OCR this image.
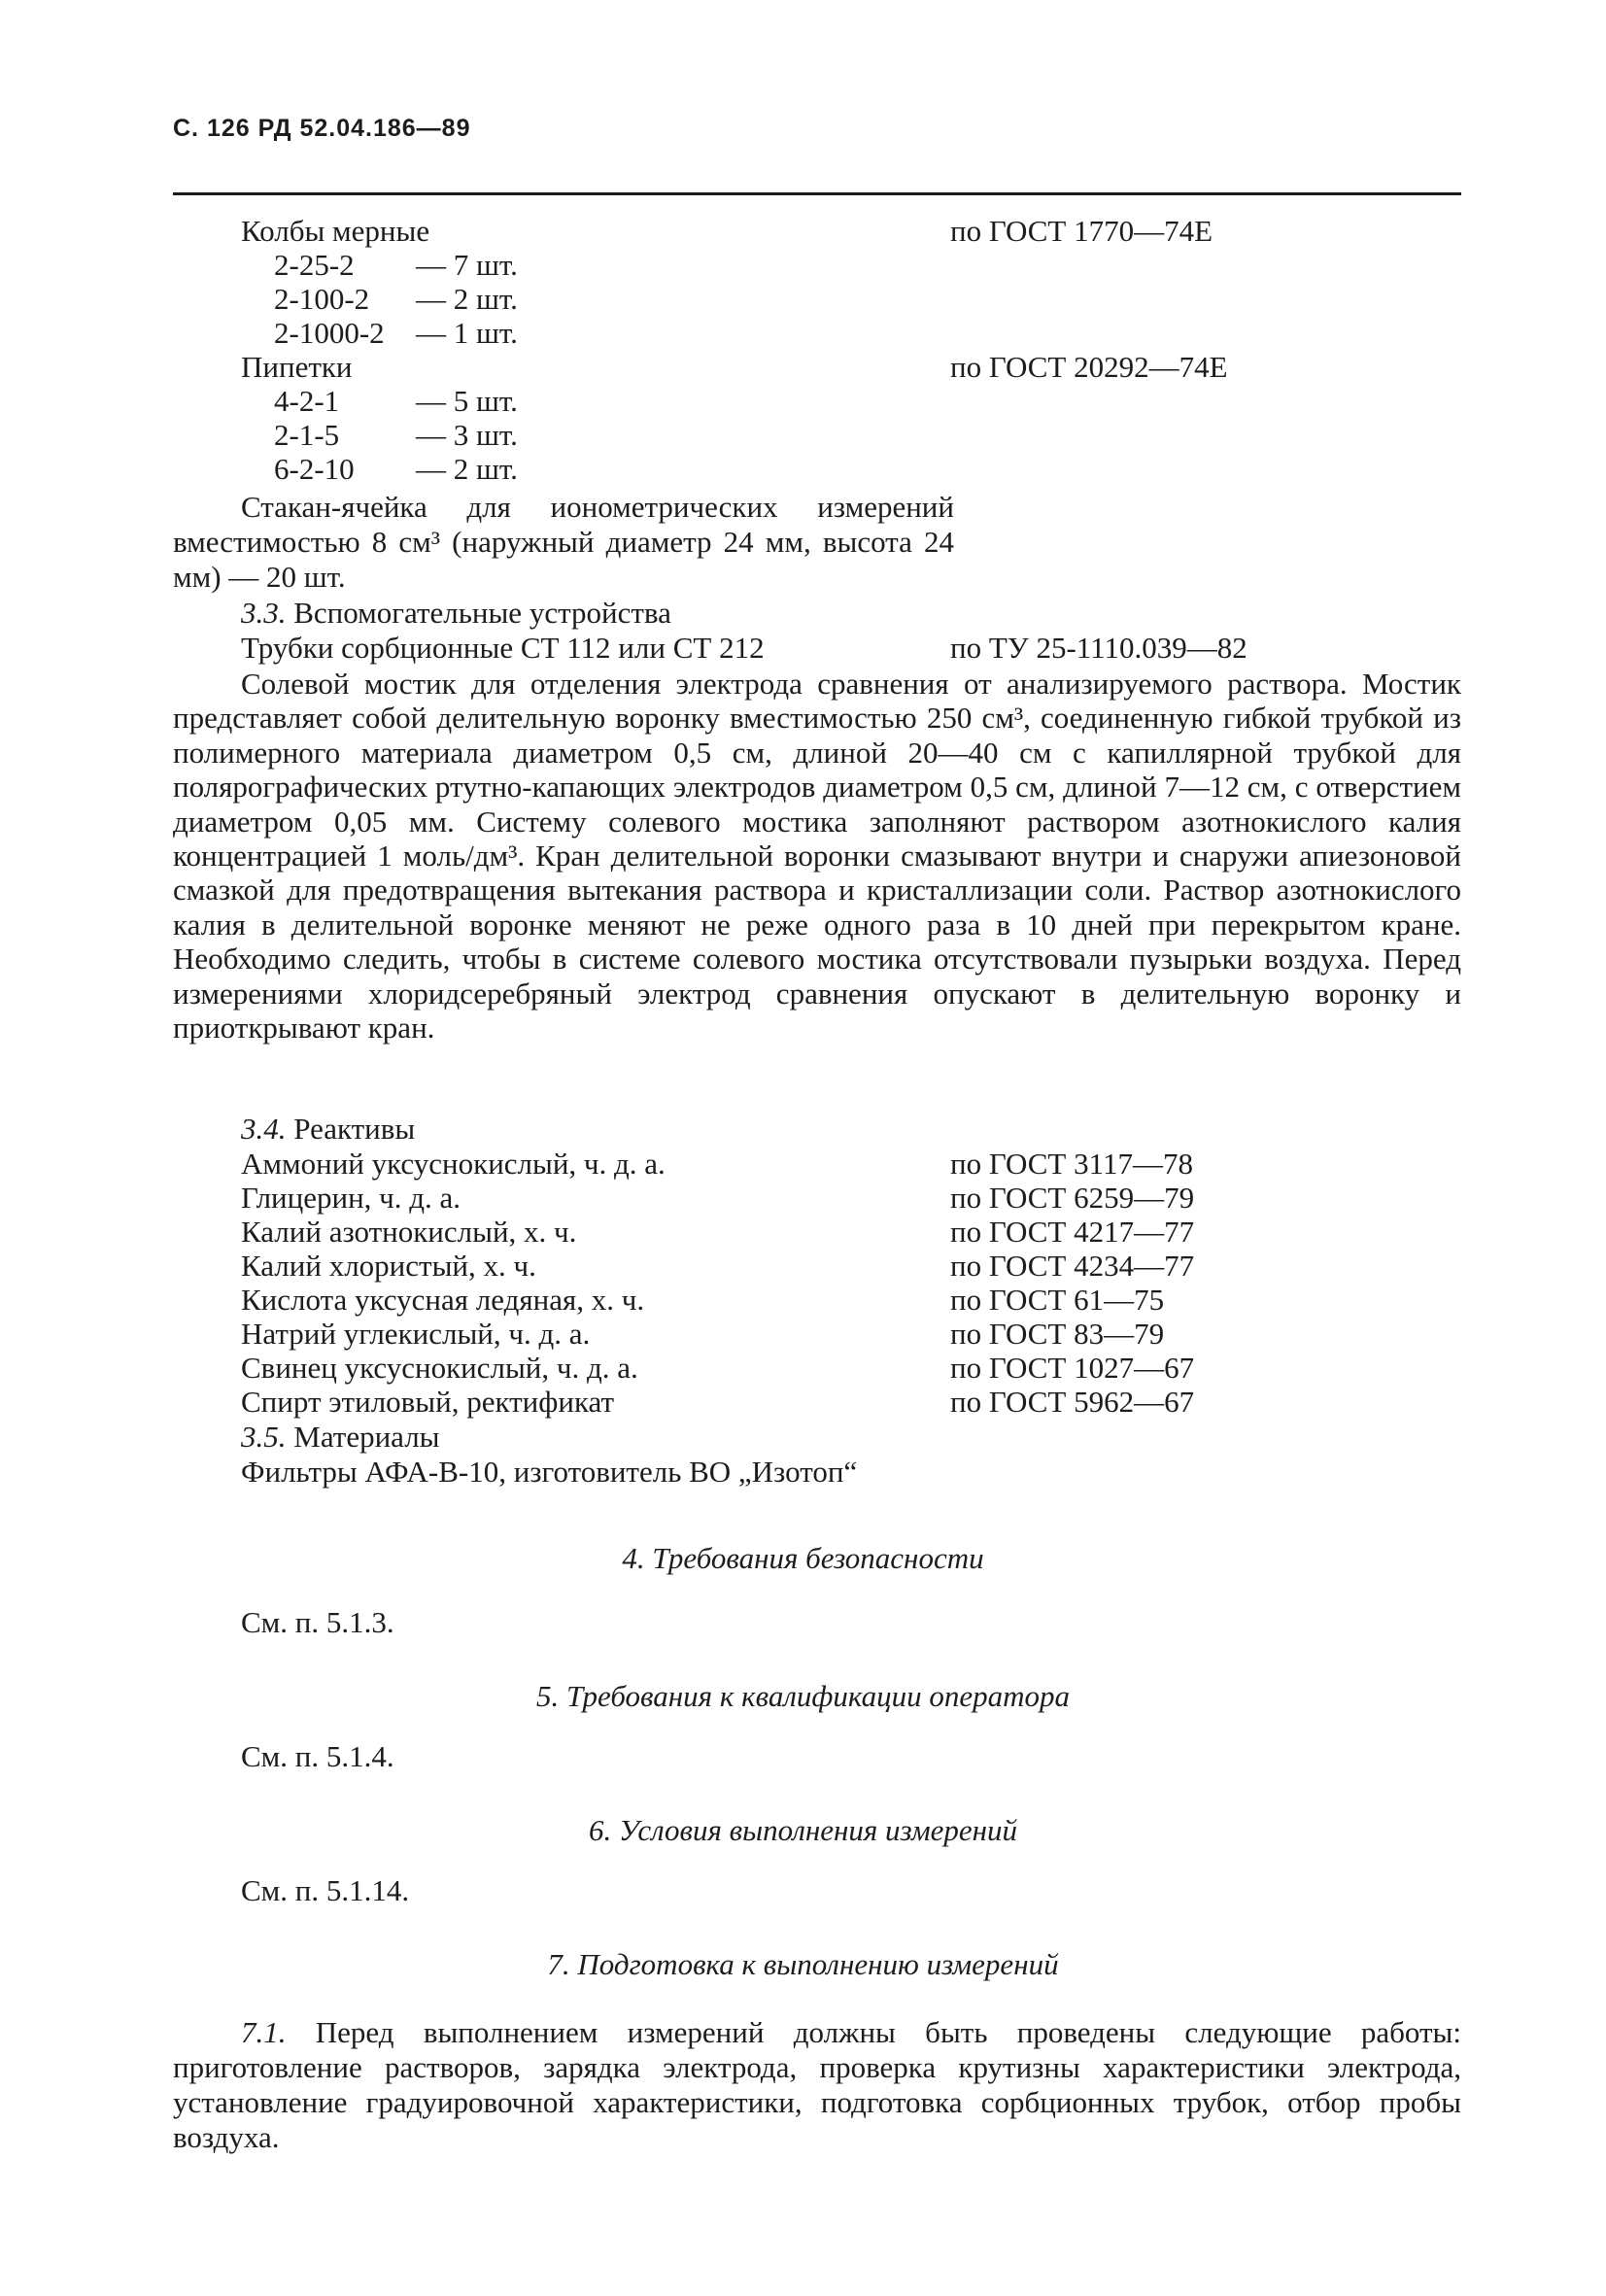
С. 126 РД 52.04.186—89
Колбы мерные	по ГОСТ 1770—74Е
2-25-2 — 7 шт.
2-100-2 — 2 шт.
2-1000-2 — 1 шт.
Пипетки	по ГОСТ 20292—74Е
4-2-1	— 5 шт.
2-1-5	— 3 шт.
6-2-10 — 2 шт.
Стакан-ячейка для ионометрических измерений вместимостью 8 см³ (наружный диаметр 24 мм, высота 24 мм) — 20 шт.
3.3. Вспомогательные устройства
Трубки сорбционные СТ 112 или СТ 212	по ТУ 25-1110.039—82
Солевой мостик для отделения электрода сравнения от анализируемого раствора. Мостик представляет собой делительную воронку вместимостью 250 см³, соединенную гибкой трубкой из полимерного материала диаметром 0,5 см, длиной 20—40 см с капиллярной трубкой для полярографических ртутно-капающих электродов диаметром 0,5 см, длиной 7—12 см, с отверстием диаметром 0,05 мм. Систему солевого мостика заполняют раствором азотнокислого калия концентрацией 1 моль/дм³. Кран делительной воронки смазывают внутри и снаружи апиезоновой смазкой для предотвращения вытекания раствора и кристаллизации соли. Раствор азотнокислого калия в делительной воронке меняют не реже одного раза в 10 дней при перекрытом кране. Необходимо следить, чтобы в системе солевого мостика отсутствовали пузырьки воздуха. Перед измерениями хлоридсеребряный электрод сравнения опускают в делительную воронку и приоткрывают кран.
3.4. Реактивы
Аммоний уксуснокислый, ч. д. а.	по ГОСТ 3117—78
Глицерин, ч. д. а.	по ГОСТ 6259—79
Калий азотнокислый, х. ч.	по ГОСТ 4217—77
Калий хлористый, х. ч.	по ГОСТ 4234—77
Кислота уксусная ледяная, х. ч.	по ГОСТ 61—75
Натрий углекислый, ч. д. а.	по ГОСТ 83—79
Свинец уксуснокислый, ч. д. а.	по ГОСТ 1027—67
Спирт этиловый, ректификат	по ГОСТ 5962—67
3.5. Материалы
Фильтры АФА-В-10, изготовитель ВО „Изотоп“
4. Требования безопасности
См. п. 5.1.3.
5. Требования к квалификации оператора
См. п. 5.1.4.
6. Условия выполнения измерений
См. п. 5.1.14.
7. Подготовка к выполнению измерений
7.1. Перед выполнением измерений должны быть проведены следующие работы: приготовление растворов, зарядка электрода, проверка крутизны характеристики электрода, установление градуировочной характеристики, подготовка сорбционных трубок, отбор пробы воздуха.
